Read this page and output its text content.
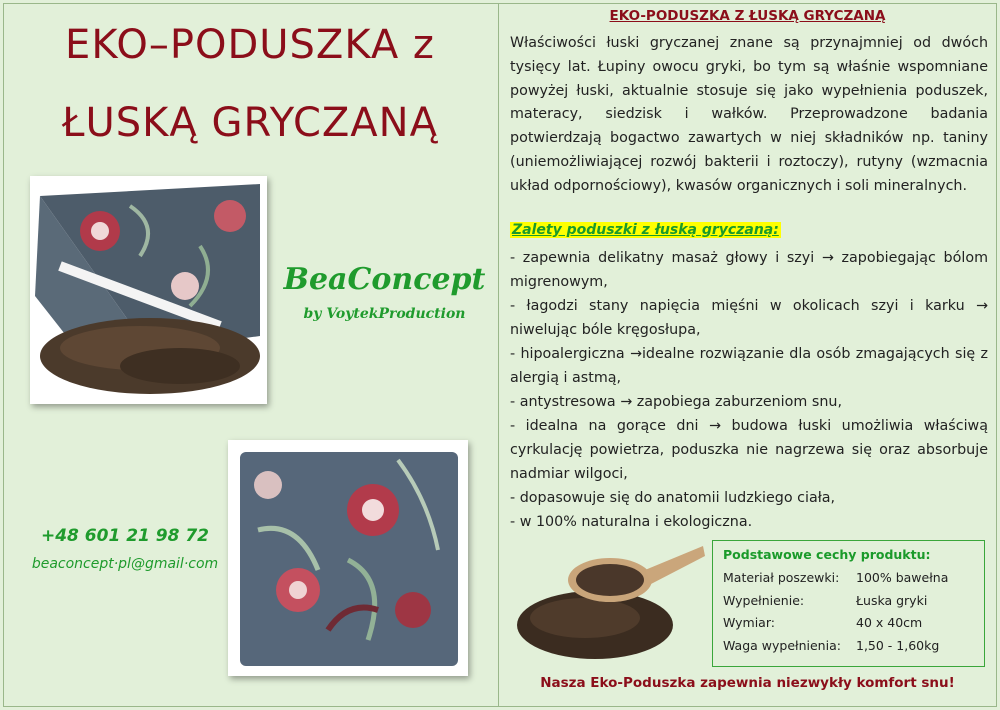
EKO–PODUSZKA z
ŁUSKĄ GRYCZANĄ
BeaConcept
by VoytekProduction
+48 601 21 98 72
beaconcept·pl@gmail·com
EKO-PODUSZKA Z ŁUSKĄ GRYCZANĄ
Właściwości łuski gryczanej znane są przynajmniej od dwóch tysięcy lat. Łupiny owocu gryki, bo tym są właśnie wspomniane powyżej łuski, aktualnie stosuje się jako wypełnienia poduszek, materacy, siedzisk i wałków. Przeprowadzone badania potwierdzają bogactwo zawartych w niej składników np. taniny (uniemożliwiającej rozwój bakterii i roztoczy), rutyny (wzmacnia układ odpornościowy), kwasów organicznych i soli mineralnych.
Zalety poduszki z łuską gryczaną:
- zapewnia delikatny masaż głowy i szyi → zapobiegając bólom migrenowym,
- łagodzi stany napięcia mięśni w okolicach szyi i karku → niwelując bóle kręgosłupa,
- hipoalergiczna →idealne rozwiązanie dla osób zmagających się z alergią i astmą,
- antystresowa → zapobiega zaburzeniom snu,
- idealna na gorące dni → budowa łuski umożliwia właściwą cyrkulację powietrza, poduszka nie nagrzewa się oraz absorbuje nadmiar wilgoci,
- dopasowuje się do anatomii ludzkiego ciała,
- w 100% naturalna i ekologiczna.
Podstawowe cechy produktu:
Materiał poszewki:	100% bawełna
Wypełnienie:	Łuska gryki
Wymiar:	40 x 40cm
Waga wypełnienia:	1,50 - 1,60kg
Nasza Eko-Poduszka zapewnia niezwykły komfort snu!
